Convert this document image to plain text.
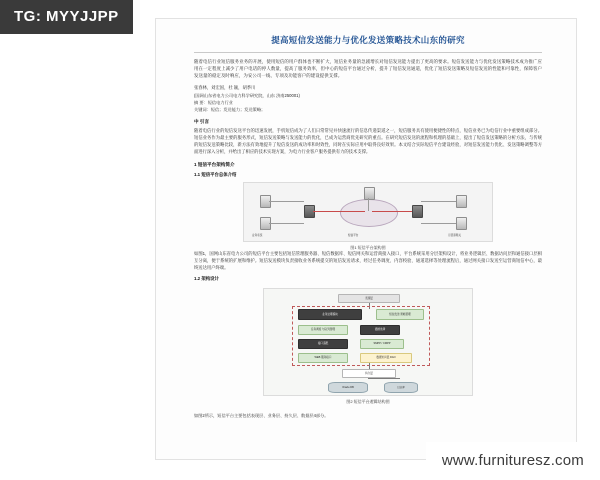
提高短信发送能力与优化发送策略技术山东的研究
随着电信行业短信服务业务的开展，使用短信的用户群体也不断扩大，短信业务量的急剧增长对短信发送能力提出了更高的要求。短信发送能力与优化发送策略技术成为推广应用在一定程度上减少了用户电话的停人数量，提高了服务效率，但中心的短信平台通过分析，提升了短信发送通道，优化了短信发送策略及短信发送的性能和可靠性，保障客户发送量的稳定及时响应，为安公司一线、专项及功能客户的建设提供支撑。
张春林，刘宏国，杜 颖，胡季川
(国网山东省电力公司电力科学研究院，山东 济南250001)
摘 要：短信电力行业
关键词：短信；发送能力；发送策略；
中 引言
随着电信行业的短信发送平台的迅速发展，手机短信成为了人们日常常见并快速流行的信息传递渠道之一，短信服务具有使用便捷性的特点，短信业务已为电信行业中重要组成部分。短信业务作为最主要的服务形式，短信发送策略与发送能力的优化，已成为运营商优先研究的重点。在研究短信发送的流程和机理的基础上，提出了短信发送策略的分析方法，与传统的短信发送策略比较，新方法有效地提升了短信发送的成功率和时效性，同时在实际应用中取得良好效果。本文结合实际短信平台建设经验，对短信发送能力优化、发送策略调整等方面进行深入分析，并给出了相应的技术实现方案，为电力行业客户服务提供有力的技术支撑。
1 短信平台架构简介
1.1 短信平台总体介绍
业务系统	短信平台	运营商网关
图1 短信平台架构图
如图1，国网山东省电力公司的短信平台主要包括短信管理服务器、短信数据库、短信网关和运营商接入接口，平台系统采用分层架构设计，将业务逻辑层、数据访问层和通信接口层相互分离，便于系统的扩展和维护。短信发送模块负责接收业务系统提交的短信发送请求，经过任务调度、内容校验、通道选择等处理流程后，通过网关接口发送至运营商短信中心，最终送达用户终端。
1.2 架构设计
表现层
业务处理模块	短信发送 策略管理
任务调度 与队列管理	通道选择
接口适配	SMPP / CMPP
WEB 服务接口	数据访问层 DAO
持久层
Oracle DB	日志库
图2 短信平台逻辑结构图
如图2所示，短信平台主要包括表现层、业务层、持久层、数据层4部分。
TG: MYYJJPP
www.furnituresz.com
